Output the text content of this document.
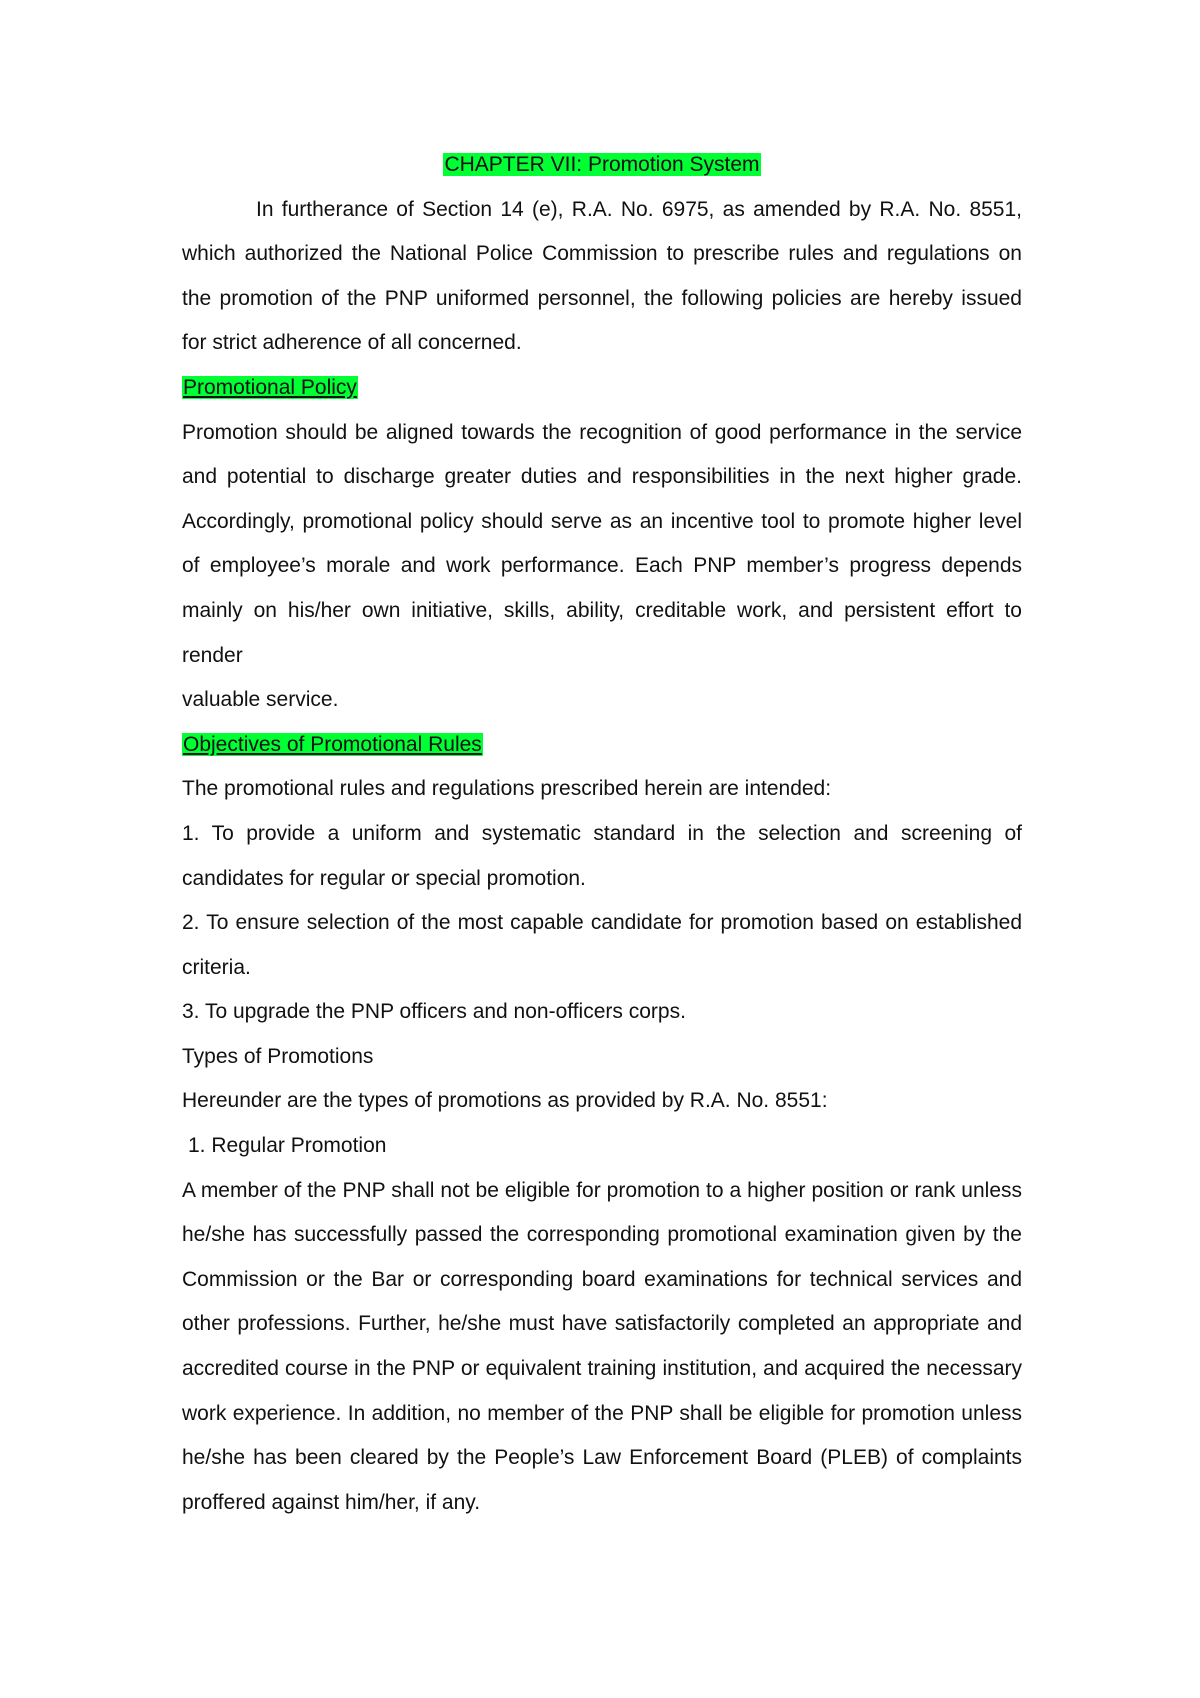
CHAPTER VII: Promotion System

In furtherance of Section 14 (e), R.A. No. 6975, as amended by R.A. No. 8551, which authorized the National Police Commission to prescribe rules and regulations on the promotion of the PNP uniformed personnel, the following policies are hereby issued for strict adherence of all concerned.

Promotional Policy

Promotion should be aligned towards the recognition of good performance in the service and potential to discharge greater duties and responsibilities in the next higher grade. Accordingly, promotional policy should serve as an incentive tool to promote higher level of employee’s morale and work performance. Each PNP member’s progress depends mainly on his/her own initiative, skills, ability, creditable work, and persistent effort to render

valuable service.

Objectives of Promotional Rules

The promotional rules and regulations prescribed herein are intended:

1. To provide a uniform and systematic standard in the selection and screening of candidates for regular or special promotion.

2. To ensure selection of the most capable candidate for promotion based on established criteria.

3. To upgrade the PNP officers and non-officers corps.

Types of Promotions

Hereunder are the types of promotions as provided by R.A. No. 8551:

1. Regular Promotion

A member of the PNP shall not be eligible for promotion to a higher position or rank unless he/she has successfully passed the corresponding promotional examination given by the Commission or the Bar or corresponding board examinations for technical services and other professions. Further, he/she must have satisfactorily completed an appropriate and accredited course in the PNP or equivalent training institution, and acquired the necessary work experience. In addition, no member of the PNP shall be eligible for promotion unless he/she has been cleared by the People’s Law Enforcement Board (PLEB) of complaints proffered against him/her, if any.
